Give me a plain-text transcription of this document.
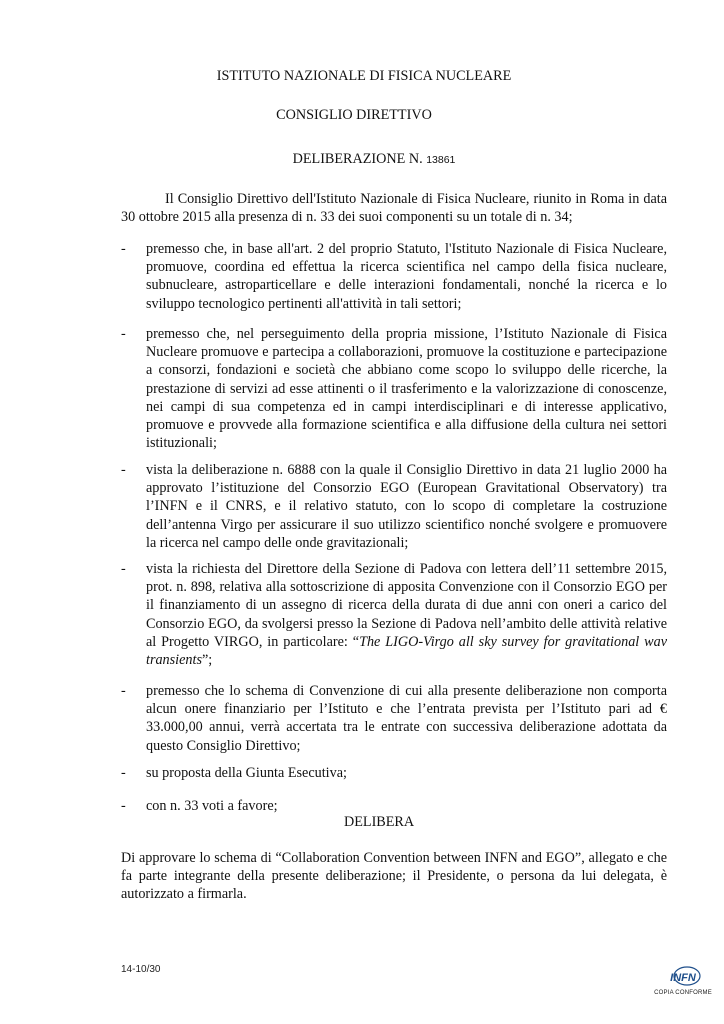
ISTITUTO NAZIONALE DI FISICA NUCLEARE
CONSIGLIO DIRETTIVO
DELIBERAZIONE N. 13861
Il Consiglio Direttivo dell'Istituto Nazionale di Fisica Nucleare, riunito in Roma in data 30 ottobre 2015 alla presenza di n. 33 dei suoi componenti su un totale di n. 34;
-	premesso che, in base all'art. 2 del proprio Statuto, l'Istituto Nazionale di Fisica Nucleare, promuove, coordina ed effettua la ricerca scientifica nel campo della fisica nucleare, subnucleare, astroparticellare e delle interazioni fondamentali, nonché la ricerca e lo sviluppo tecnologico pertinenti all'attività in tali settori;
-	premesso che, nel perseguimento della propria missione, l’Istituto Nazionale di Fisica Nucleare promuove e partecipa a collaborazioni, promuove la costituzione e partecipazione a consorzi, fondazioni e società che abbiano come scopo lo sviluppo delle ricerche, la prestazione di servizi ad esse attinenti o il trasferimento e la valorizzazione di conoscenze, nei campi di sua competenza ed in campi interdisciplinari e di interesse applicativo, promuove e provvede alla formazione scientifica e alla diffusione della cultura nei settori istituzionali;
-	vista la deliberazione n. 6888 con la quale il Consiglio Direttivo in data 21 luglio 2000 ha approvato l’istituzione del Consorzio EGO (European Gravitational Observatory) tra l’INFN e il CNRS, e il relativo statuto, con lo scopo di completare la costruzione dell’antenna Virgo per assicurare il suo utilizzo scientifico nonché svolgere e promuovere la ricerca nel campo delle onde gravitazionali;
-	vista la richiesta del Direttore della Sezione di Padova con lettera dell’11 settembre 2015, prot. n. 898, relativa alla sottoscrizione di apposita Convenzione con il Consorzio EGO per il finanziamento di un assegno di ricerca della durata di due anni con oneri a carico del Consorzio EGO, da svolgersi presso la Sezione di Padova nell’ambito delle attività relative al Progetto VIRGO, in particolare: “The LIGO-Virgo all sky survey for gravitational wav transients”;
-	premesso che lo schema di Convenzione di cui alla presente deliberazione non comporta alcun onere finanziario per l’Istituto e che l’entrata prevista per l’Istituto pari ad € 33.000,00 annui, verrà accertata tra le entrate con successiva deliberazione adottata da questo Consiglio Direttivo;
-	su proposta della Giunta Esecutiva;
-	con n. 33 voti a favore;
DELIBERA
Di approvare lo schema di “Collaboration Convention between INFN and EGO”, allegato e che fa parte integrante della presente deliberazione; il Presidente, o persona da lui delegata, è autorizzato a firmarla.
14-10/30
INFN
COPIA CONFORME
